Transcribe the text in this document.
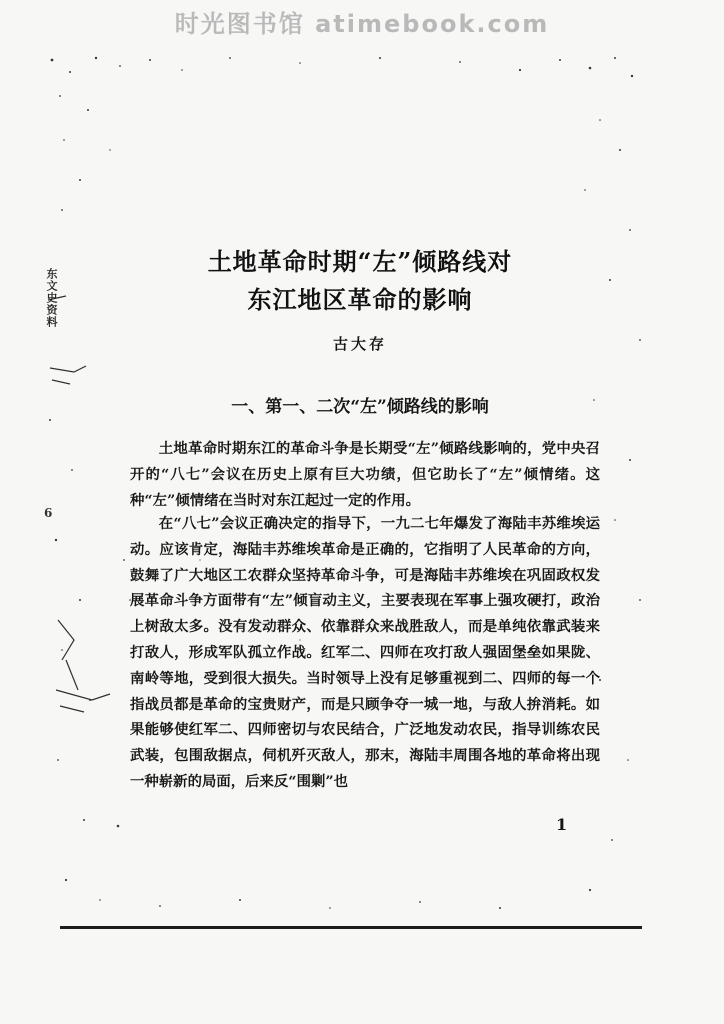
时光图书馆 atimebook.com
东文史资料
6
土地革命时期“左”倾路线对
东江地区革命的影响
古大存
一、第一、二次“左”倾路线的影响

土地革命时期东江的革命斗争是长期受“左”倾路线影响的，党中央召开的“八七”会议在历史上原有巨大功绩，但它助长了“左”倾情绪。这种“左”倾情绪在当时对东江起过一定的作用。

在“八七”会议正确决定的指导下，一九二七年爆发了海陆丰苏维埃运动。应该肯定，海陆丰苏维埃革命是正确的，它指明了人民革命的方向，鼓舞了广大地区工农群众坚持革命斗争，可是海陆丰苏维埃在巩固政权发展革命斗争方面带有“左”倾盲动主义，主要表现在军事上强攻硬打，政治上树敌太多。没有发动群众、依靠群众来战胜敌人，而是单纯依靠武装来打敌人，形成军队孤立作战。红军二、四师在攻打敌人强固堡垒如果陇、南岭等地，受到很大损失。当时领导上没有足够重视到二、四师的每一个指战员都是革命的宝贵财产，而是只顾争夺一城一地，与敌人拚消耗。如果能够使红军二、四师密切与农民结合，广泛地发动农民，指导训练农民武装，包围敌据点，伺机歼灭敌人，那末，海陆丰周围各地的革命将出现一种崭新的局面，后来反“围剿”也

1
